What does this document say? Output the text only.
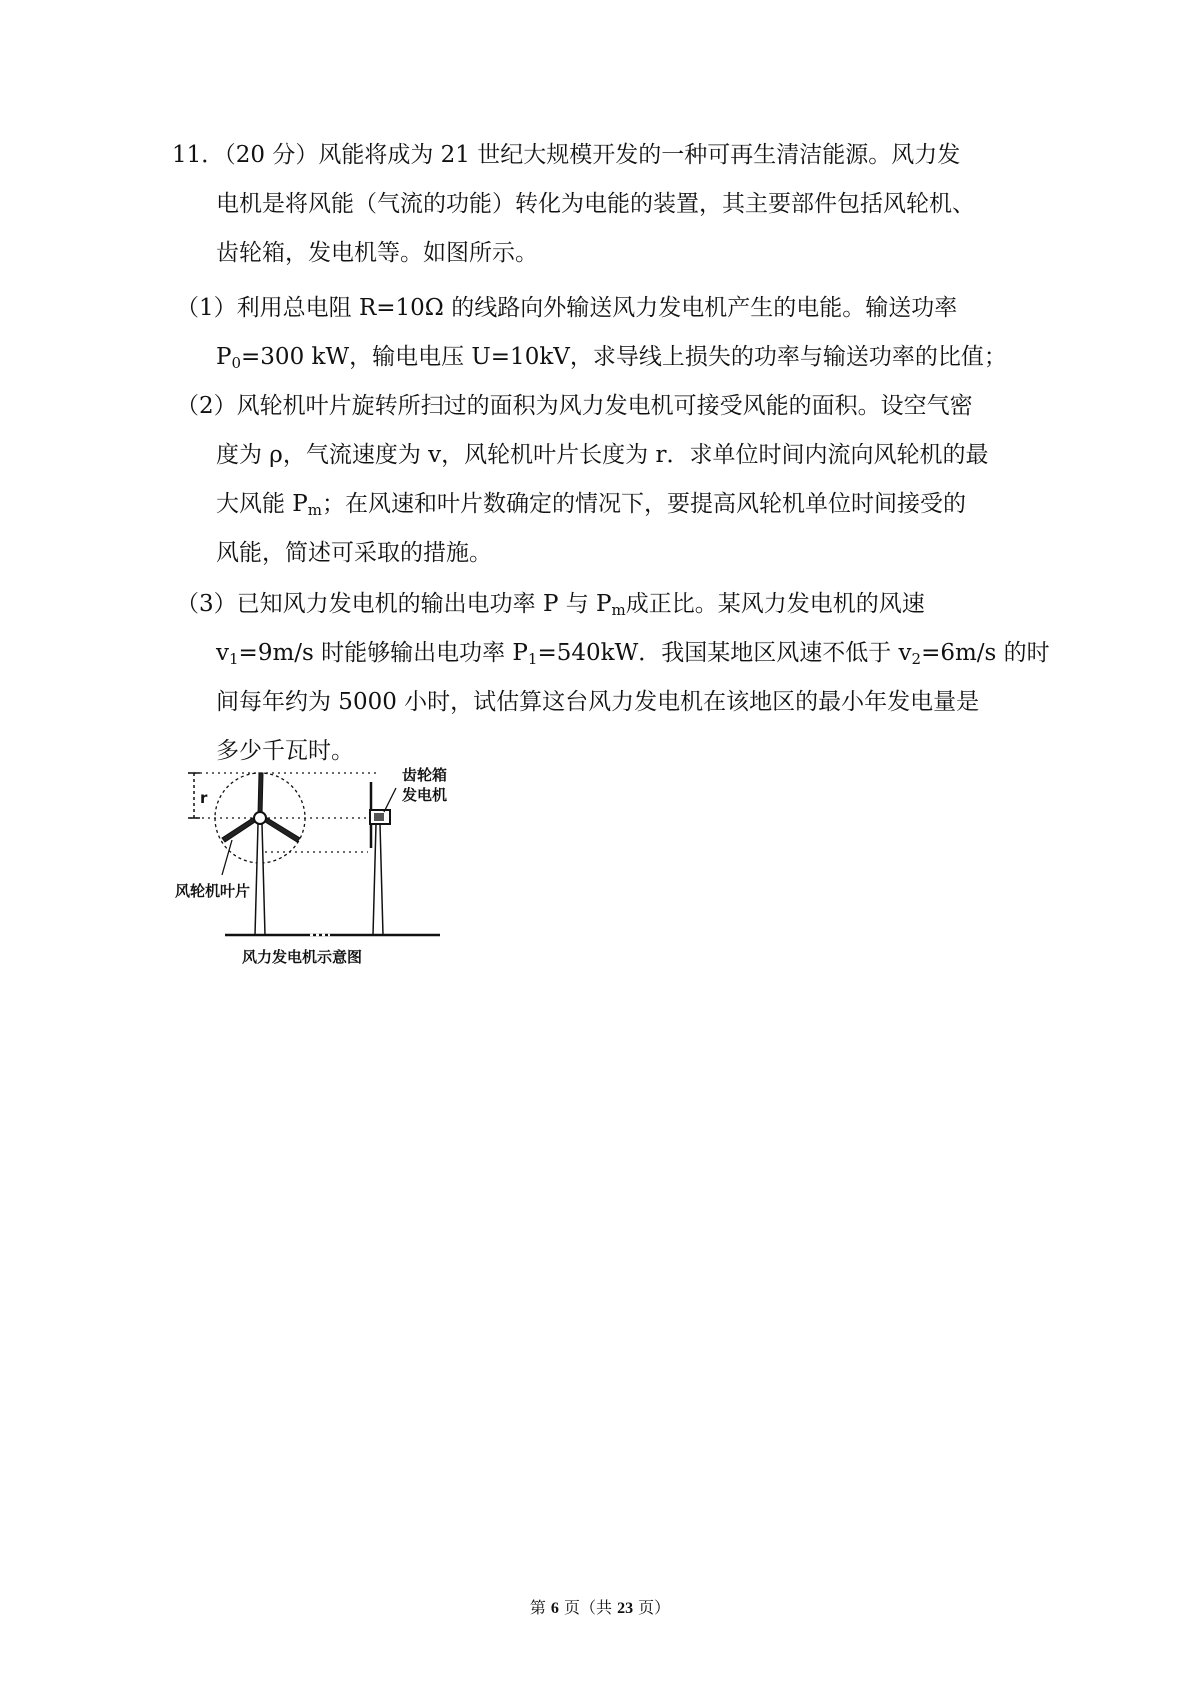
11．（20 分）风能将成为 21 世纪大规模开发的一种可再生清洁能源。风力发
电机是将风能（气流的功能）转化为电能的装置，其主要部件包括风轮机、
齿轮箱，发电机等。如图所示。
（1）利用总电阻 R=10Ω 的线路向外输送风力发电机产生的电能。输送功率
$P_0=300$ kW，输电电压 U=10kV，求导线上损失的功率与输送功率的比值；
（2）风轮机叶片旋转所扫过的面积为风力发电机可接受风能的面积。设空气密
度为 ρ，气流速度为 v，风轮机叶片长度为 r．求单位时间内流向风轮机的最
大风能 $P_m$；在风速和叶片数确定的情况下，要提高风轮机单位时间接受的
风能，简述可采取的措施。
（3）已知风力发电机的输出电功率 P 与 $P_m$成正比。某风力发电机的风速
$v_1=9m/s$ 时能够输出电功率 $P_1=540kW$．我国某地区风速不低于 $v_2=6m/s$ 的时
间每年约为 5000 小时，试估算这台风力发电机在该地区的最小年发电量是
多少千瓦时。
r
齿轮箱
发电机
风轮机叶片
风力发电机示意图
第 6 页（共 23 页）
